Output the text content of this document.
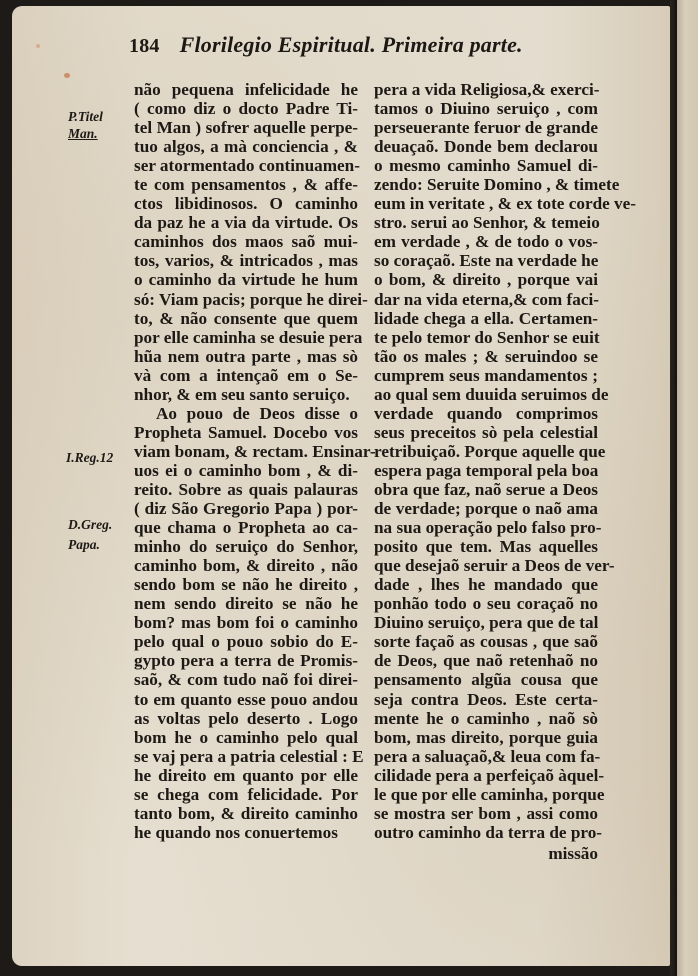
184 Florilegio Espiritual. Primeira parte.
P.Titel
Man.
I.Reg.12
D.Greg.
Papa.
não pequena infelicidade he
( como diz o docto Padre Ti-
tel Man ) sofrer aquelle perpe-
tuo algos, a mà conciencia , &
ser atormentado continuamen-
te com pensamentos , & affe-
ctos libidinosos. O caminho
da paz he a via da virtude. Os
caminhos dos maos saõ mui-
tos, varios, & intricados , mas
o caminho da virtude he hum
só: Viam pacis; porque he direi-
to, & não consente que quem
por elle caminha se desuie pera
hũa nem outra parte , mas sò
và com a intençaõ em o Se-
nhor, & em seu santo seruiço.
Ao pouo de Deos disse o
Propheta Samuel. Docebo vos
viam bonam, & rectam. Ensinar-
uos ei o caminho bom , & di-
reito. Sobre as quais palauras
( diz São Gregorio Papa ) por-
que chama o Propheta ao ca-
minho do seruiço do Senhor,
caminho bom, & direito , não
sendo bom se não he direito ,
nem sendo direito se não he
bom? mas bom foi o caminho
pelo qual o pouo sobio do E-
gypto pera a terra de Promis-
saõ, & com tudo naõ foi direi-
to em quanto esse pouo andou
as voltas pelo deserto . Logo
bom he o caminho pelo qual
se vaj pera a patria celestial : E
he direito em quanto por elle
se chega com felicidade. Por
tanto bom, & direito caminho
he quando nos conuertemos
pera a vida Religiosa,& exerci-
tamos o Diuino seruiço , com
perseuerante feruor de grande
deuaçaõ. Donde bem declarou
o mesmo caminho Samuel di-
zendo: Seruite Domino , & timete
eum in veritate , & ex tote corde ve-
stro. serui ao Senhor, & temeio
em verdade , & de todo o vos-
so coraçaõ. Este na verdade he
o bom, & direito , porque vai
dar na vida eterna,& com faci-
lidade chega a ella. Certamen-
te pelo temor do Senhor se euit
tão os males ; & seruindoo se
cumprem seus mandamentos ;
ao qual sem duuida seruimos de
verdade quando comprimos
seus preceitos sò pela celestial
retribuiçaõ. Porque aquelle que
espera paga temporal pela boa
obra que faz, naõ serue a Deos
de verdade; porque o naõ ama
na sua operação pelo falso pro-
posito que tem. Mas aquelles
que desejaõ seruir a Deos de ver-
dade , lhes he mandado que
ponhão todo o seu coraçaõ no
Diuino seruiço, pera que de tal
sorte façaõ as cousas , que saõ
de Deos, que naõ retenhaõ no
pensamento algũa cousa que
seja contra Deos. Este certa-
mente he o caminho , naõ sò
bom, mas direito, porque guia
pera a saluaçaõ,& leua com fa-
cilidade pera a perfeiçaõ àquel-
le que por elle caminha, porque
se mostra ser bom , assi como
outro caminho da terra de pro-
missão
